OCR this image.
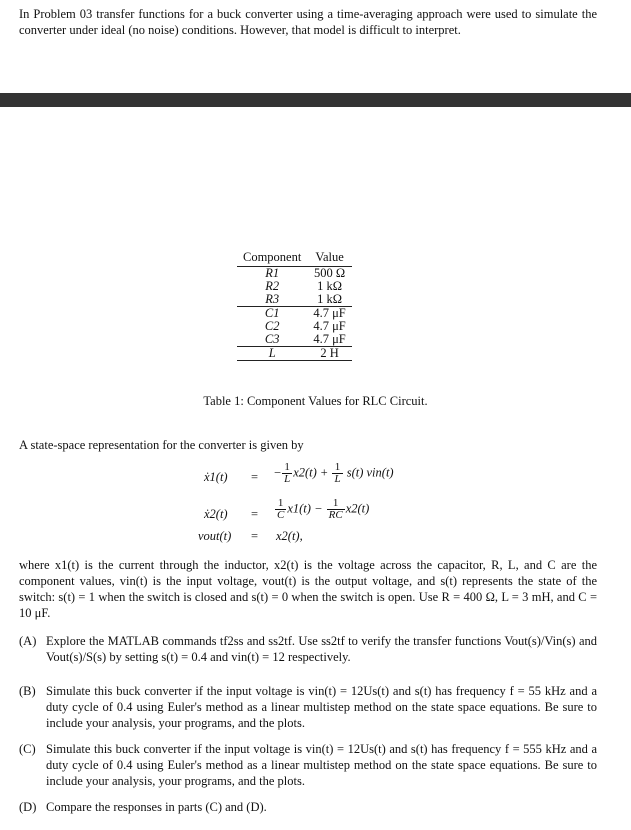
In Problem 03 transfer functions for a buck converter using a time-averaging approach were used to simulate the converter under ideal (no noise) conditions. However, that model is difficult to interpret.
Component	Value
R1	500 Ω
R2	1 kΩ
R3	1 kΩ
C1	4.7 μF
C2	4.7 μF
C3	4.7 μF
L	2 H
Table 1: Component Values for RLC Circuit.
A state-space representation for the converter is given by
ẋ1(t) = − $\frac{1}{L} x2(t) + \frac{1}{L} s(t)$ vin(t)
ẋ2(t) = $\frac{1}{C} x1(t) - \frac{1}{RC} x2(t)$
vout(t) = x2(t),
where x1(t) is the current through the inductor, x2(t) is the voltage across the capacitor, R, L, and C are the component values, vin(t) is the input voltage, vout(t) is the output voltage, and s(t) represents the state of the switch: s(t) = 1 when the switch is closed and s(t) = 0 when the switch is open. Use R = 400 Ω, L = 3 mH, and C = 10 μF.
(A) Explore the MATLAB commands tf2ss and ss2tf. Use ss2tf to verify the transfer functions Vout(s)/Vin(s) and Vout(s)/S(s) by setting s(t) = 0.4 and vin(t) = 12 respectively.
(B) Simulate this buck converter if the input voltage is vin(t) = 12Us(t) and s(t) has frequency f = 55 kHz and a duty cycle of 0.4 using Euler's method as a linear multistep method on the state space equations. Be sure to include your analysis, your programs, and the plots.
(C) Simulate this buck converter if the input voltage is vin(t) = 12Us(t) and s(t) has frequency f = 555 kHz and a duty cycle of 0.4 using Euler's method as a linear multistep method on the state space equations. Be sure to include your analysis, your programs, and the plots.
(D) Compare the responses in parts (C) and (D).
